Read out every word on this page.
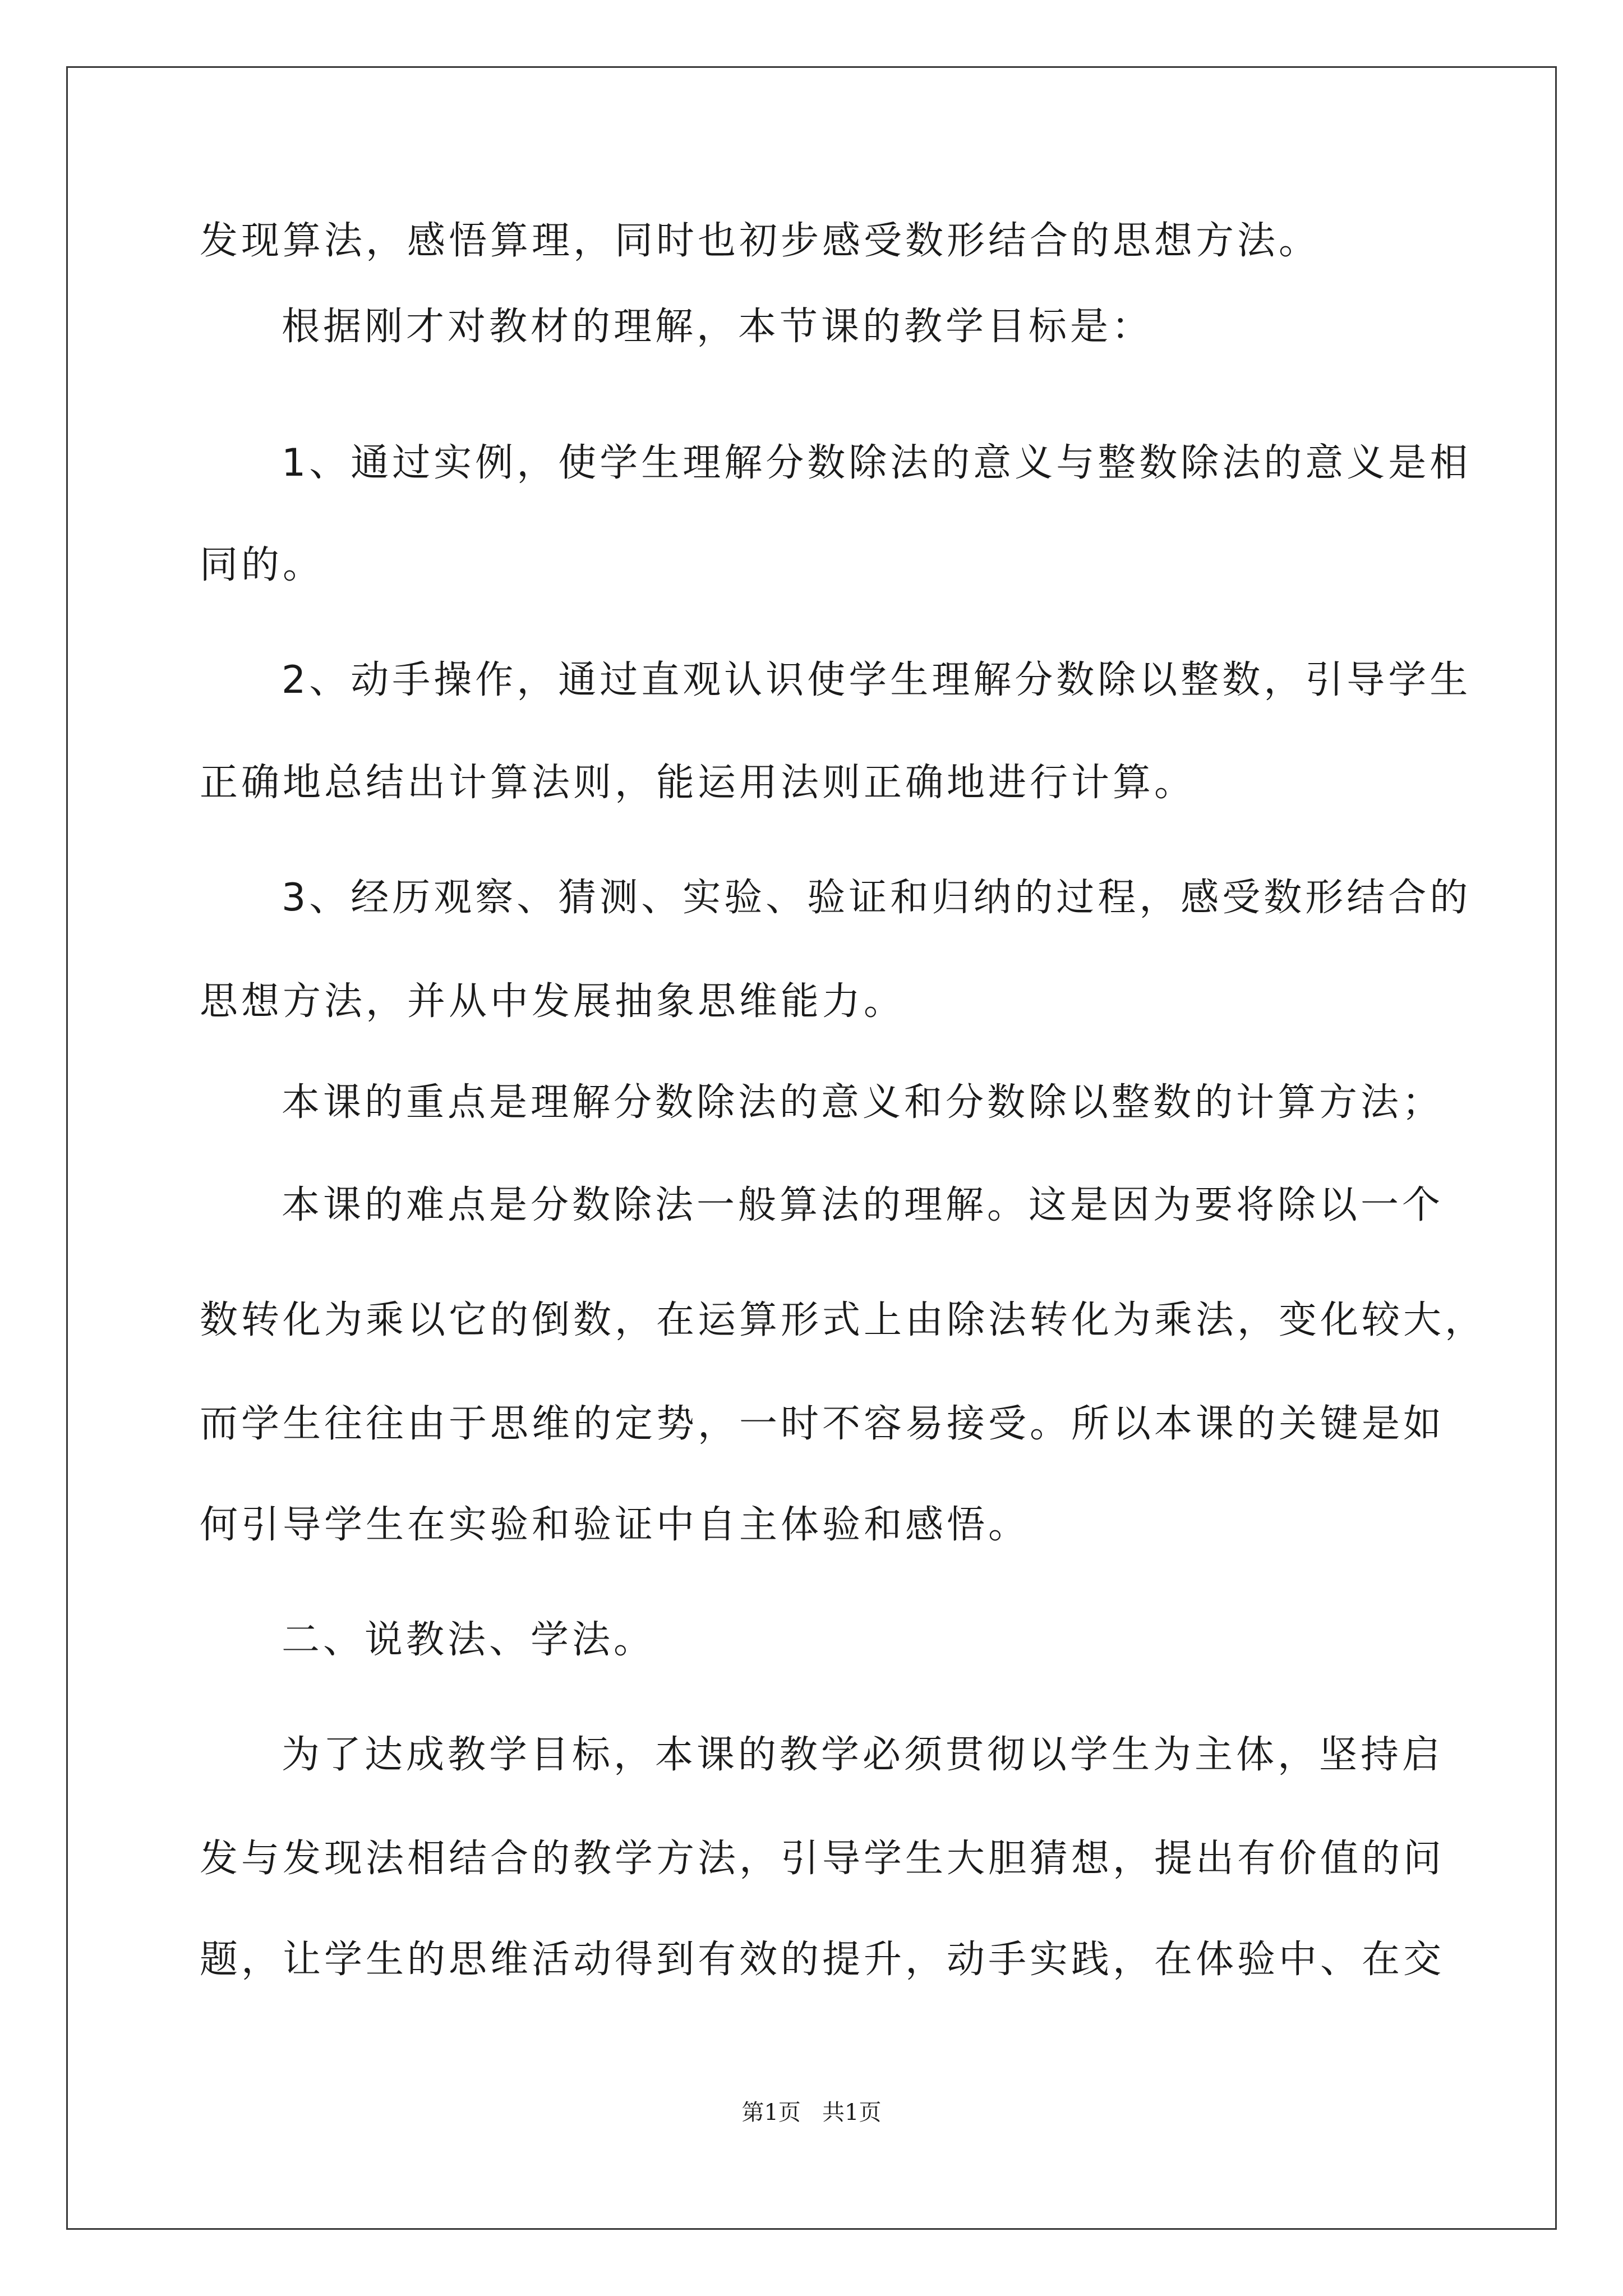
发现算法，感悟算理，同时也初步感受数形结合的思想方法。
根据刚才对教材的理解，本节课的教学目标是：
1、通过实例，使学生理解分数除法的意义与整数除法的意义是相
同的。
2、动手操作，通过直观认识使学生理解分数除以整数，引导学生
正确地总结出计算法则，能运用法则正确地进行计算。
3、经历观察、猜测、实验、验证和归纳的过程，感受数形结合的
思想方法，并从中发展抽象思维能力。
本课的重点是理解分数除法的意义和分数除以整数的计算方法；
本课的难点是分数除法一般算法的理解。这是因为要将除以一个
数转化为乘以它的倒数，在运算形式上由除法转化为乘法，变化较大，
而学生往往由于思维的定势，一时不容易接受。所以本课的关键是如
何引导学生在实验和验证中自主体验和感悟。
二、说教法、学法。
为了达成教学目标，本课的教学必须贯彻以学生为主体，坚持启
发与发现法相结合的教学方法，引导学生大胆猜想，提出有价值的问
题，让学生的思维活动得到有效的提升，动手实践，在体验中、在交
第1页   共1页
